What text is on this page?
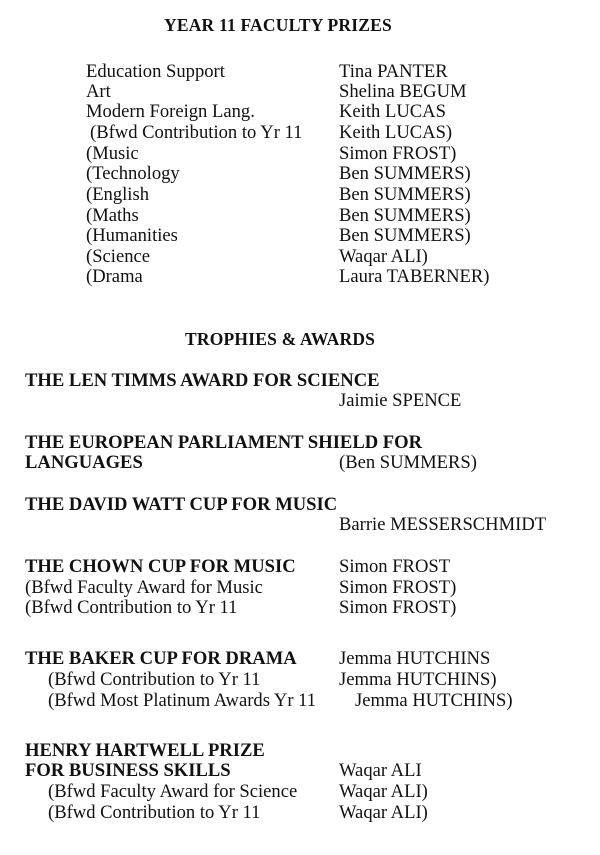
YEAR 11 FACULTY PRIZES
Education Support	Tina PANTER
Art	Shelina BEGUM
Modern Foreign Lang.	Keith LUCAS
(Bfwd Contribution to Yr 11 Keith LUCAS)
(Music	Simon FROST)
(Technology	Ben SUMMERS)
(English	Ben SUMMERS)
(Maths	Ben SUMMERS)
(Humanities	Ben SUMMERS)
(Science	Waqar ALI)
(Drama	Laura TABERNER)
TROPHIES & AWARDS
THE LEN TIMMS AWARD FOR SCIENCE
Jaimie SPENCE
THE EUROPEAN PARLIAMENT SHIELD FOR
LANGUAGES	(Ben SUMMERS)
THE DAVID WATT CUP FOR MUSIC
Barrie MESSERSCHMIDT
THE CHOWN CUP FOR MUSIC Simon FROST
(Bfwd Faculty Award for Music	Simon FROST)
(Bfwd Contribution to Yr 11	Simon FROST)
THE BAKER CUP FOR DRAMA Jemma HUTCHINS
(Bfwd Contribution to Yr 11	Jemma HUTCHINS)
(Bfwd Most Platinum Awards Yr 11 Jemma HUTCHINS)
HENRY HARTWELL PRIZE
FOR BUSINESS SKILLS	Waqar ALI
(Bfwd Faculty Award for Science Waqar ALI)
(Bfwd Contribution to Yr 11	Waqar ALI)
